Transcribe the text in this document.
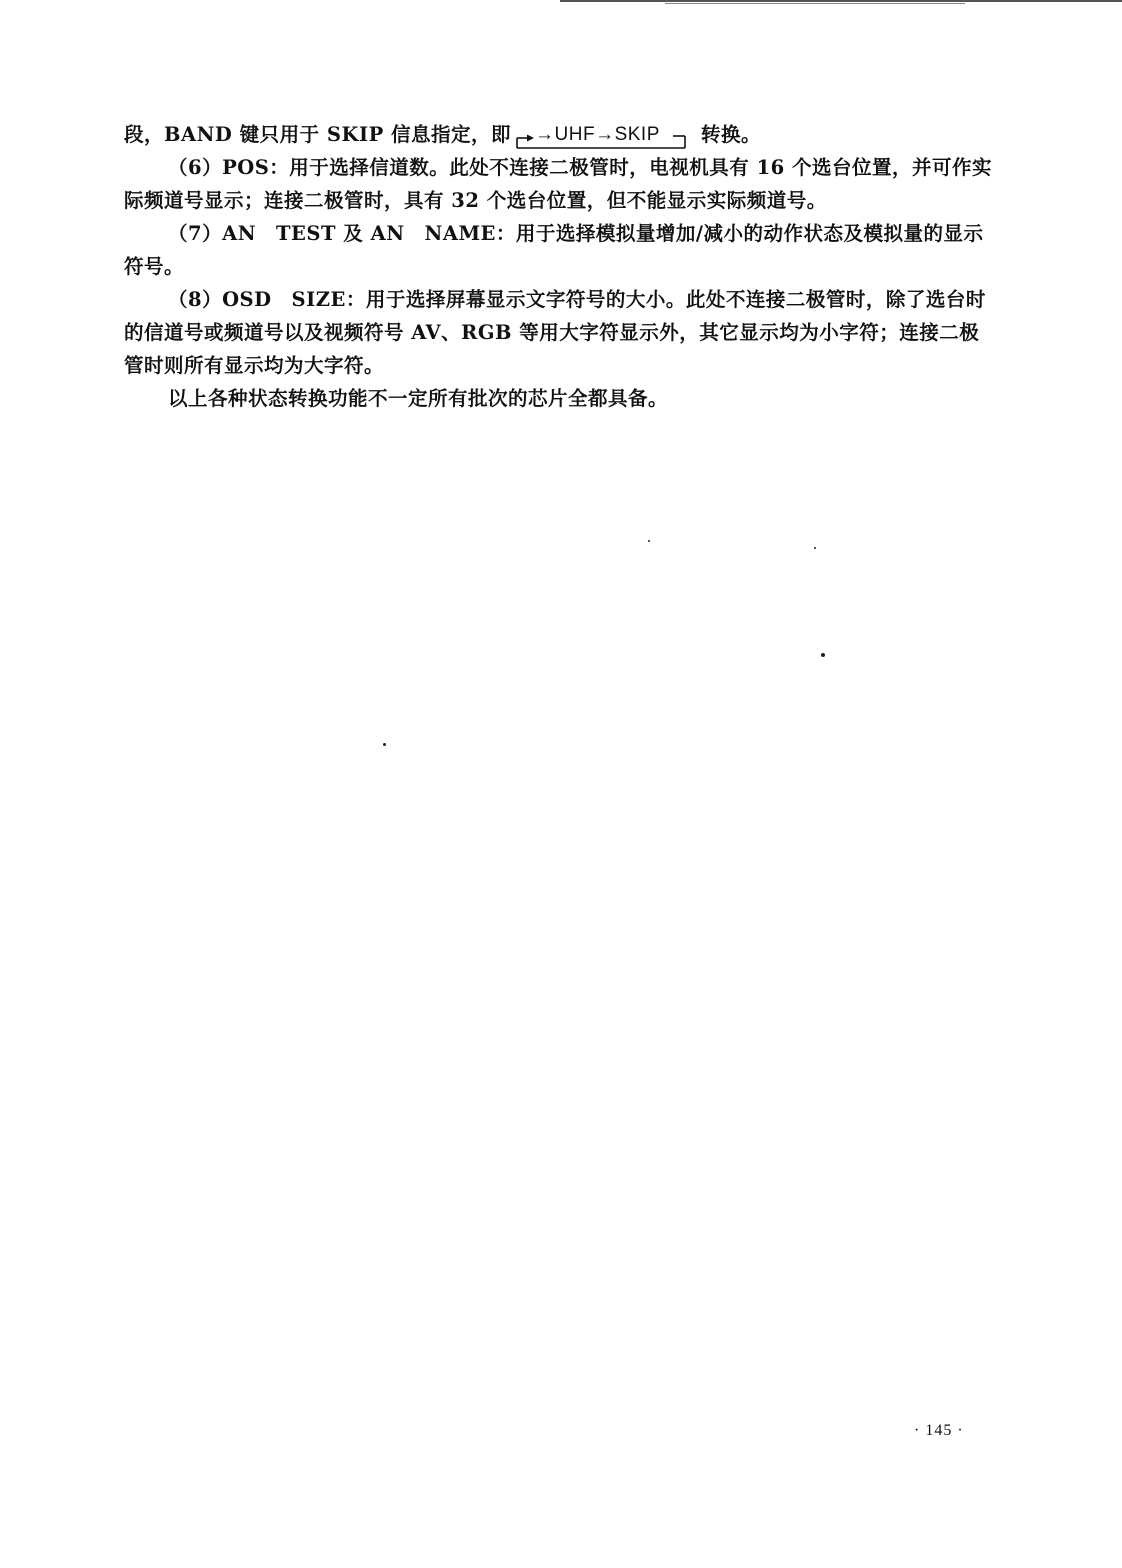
段，BAND 键只用于 SKIP 信息指定，即 →UHF→SKIP 转换。

（6）POS：用于选择信道数。此处不连接二极管时，电视机具有 16 个选台位置，并可作实际频道号显示；连接二极管时，具有 32 个选台位置，但不能显示实际频道号。

（7）AN　TEST 及 AN　NAME：用于选择模拟量增加/减小的动作状态及模拟量的显示符号。

（8）OSD　SIZE：用于选择屏幕显示文字符号的大小。此处不连接二极管时，除了选台时的信道号或频道号以及视频符号 AV、RGB 等用大字符显示外，其它显示均为小字符；连接二极管时则所有显示均为大字符。

以上各种状态转换功能不一定所有批次的芯片全都具备。

· 145 ·
